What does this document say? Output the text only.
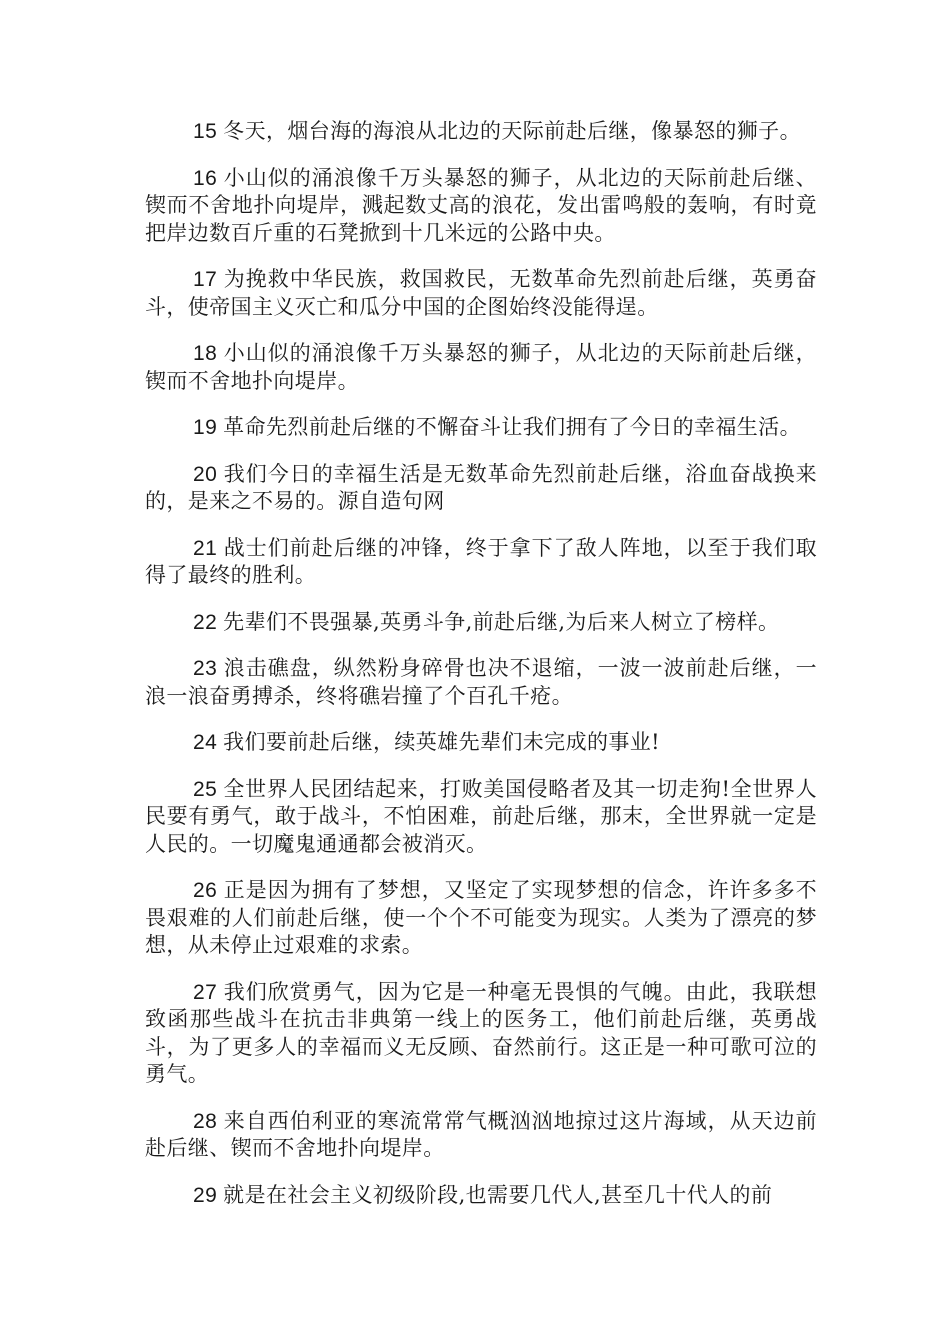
15 冬天，烟台海的海浪从北边的天际前赴后继，像暴怒的狮子。

16 小山似的涌浪像千万头暴怒的狮子，从北边的天际前赴后继、锲而不舍地扑向堤岸，溅起数丈高的浪花，发出雷鸣般的轰响，有时竟把岸边数百斤重的石凳掀到十几米远的公路中央。

17 为挽救中华民族，救国救民，无数革命先烈前赴后继，英勇奋斗，使帝国主义灭亡和瓜分中国的企图始终没能得逞。

18 小山似的涌浪像千万头暴怒的狮子，从北边的天际前赴后继，锲而不舍地扑向堤岸。

19 革命先烈前赴后继的不懈奋斗让我们拥有了今日的幸福生活。

20 我们今日的幸福生活是无数革命先烈前赴后继，浴血奋战换来的，是来之不易的。源自造句网

21 战士们前赴后继的冲锋，终于拿下了敌人阵地，以至于我们取得了最终的胜利。

22 先辈们不畏强暴,英勇斗争,前赴后继,为后来人树立了榜样。

23 浪击礁盘，纵然粉身碎骨也决不退缩，一波一波前赴后继，一浪一浪奋勇搏杀，终将礁岩撞了个百孔千疮。

24 我们要前赴后继，续英雄先辈们未完成的事业!

25 全世界人民团结起来，打败美国侵略者及其一切走狗!全世界人民要有勇气，敢于战斗，不怕困难，前赴后继，那末，全世界就一定是人民的。一切魔鬼通通都会被消灭。

26 正是因为拥有了梦想，又坚定了实现梦想的信念，许许多多不畏艰难的人们前赴后继，使一个个不可能变为现实。人类为了漂亮的梦想，从未停止过艰难的求索。

27 我们欣赏勇气，因为它是一种毫无畏惧的气魄。由此，我联想致函那些战斗在抗击非典第一线上的医务工，他们前赴后继，英勇战斗，为了更多人的幸福而义无反顾、奋然前行。这正是一种可歌可泣的勇气。

28 来自西伯利亚的寒流常常气概汹汹地掠过这片海域，从天边前赴后继、锲而不舍地扑向堤岸。

29 就是在社会主义初级阶段,也需要几代人,甚至几十代人的前
